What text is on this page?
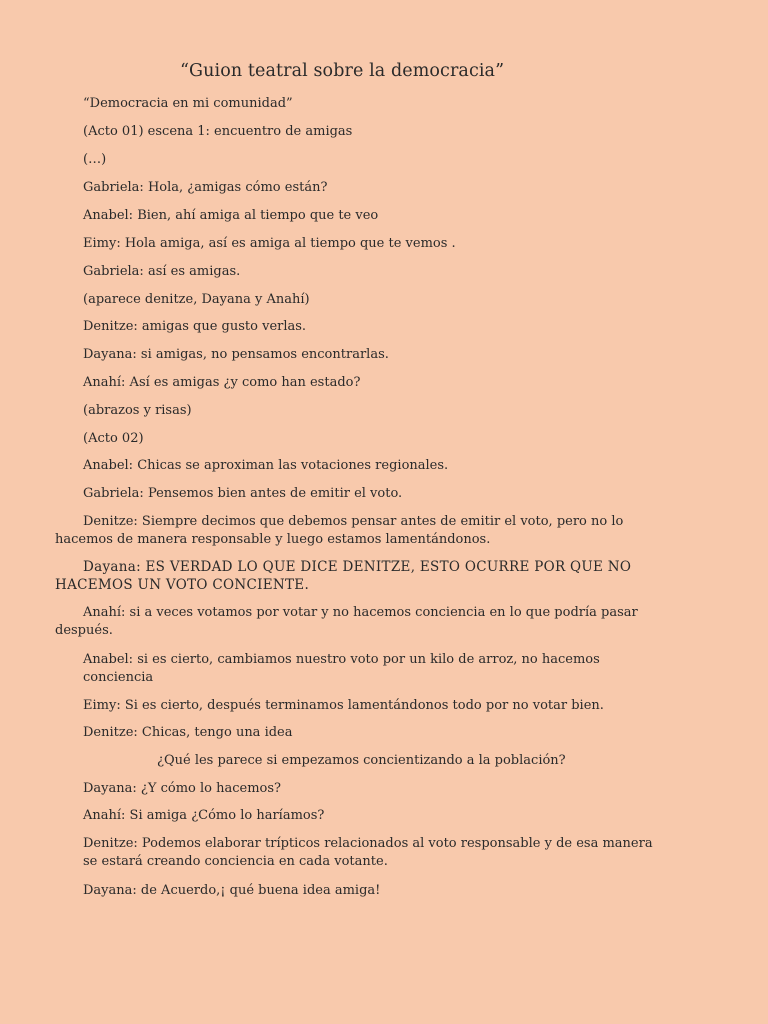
“Guion teatral sobre la democracia”
“Democracia en mi comunidad”
(Acto 01) escena 1: encuentro de amigas
(…)
Gabriela: Hola, ¿amigas cómo están?
Anabel: Bien, ahí amiga al tiempo que te veo
Eimy: Hola amiga, así es amiga al tiempo que te vemos .
Gabriela: así es amigas.
(aparece denitze, Dayana y Anahí)
Denitze: amigas que gusto verlas.
Dayana: si amigas, no pensamos encontrarlas.
Anahí: Así es amigas ¿y como han estado?
(abrazos y risas)
(Acto 02)
Anabel: Chicas se aproximan las votaciones regionales.
Gabriela: Pensemos bien antes de emitir el voto.
Denitze: Siempre decimos que debemos pensar antes de emitir el voto, pero no lo
hacemos de manera responsable y luego estamos lamentándonos.
Dayana: ES VERDAD LO QUE DICE DENITZE, ESTO OCURRE POR QUE NO
HACEMOS UN VOTO CONCIENTE.
Anahí: si a veces votamos por votar y no hacemos conciencia en lo que podría pasar
después.
Anabel: si es cierto, cambiamos nuestro voto por un kilo de arroz, no hacemos
conciencia
Eimy: Si es cierto, después terminamos lamentándonos todo por no votar bien.
Denitze: Chicas, tengo una idea
¿Qué les parece si empezamos concientizando a la población?
Dayana: ¿Y cómo lo hacemos?
Anahí: Si amiga ¿Cómo lo haríamos?
Denitze: Podemos elaborar trípticos relacionados al voto responsable y de esa manera
se estará creando conciencia en cada votante.
Dayana: de Acuerdo,¡ qué buena idea amiga!
